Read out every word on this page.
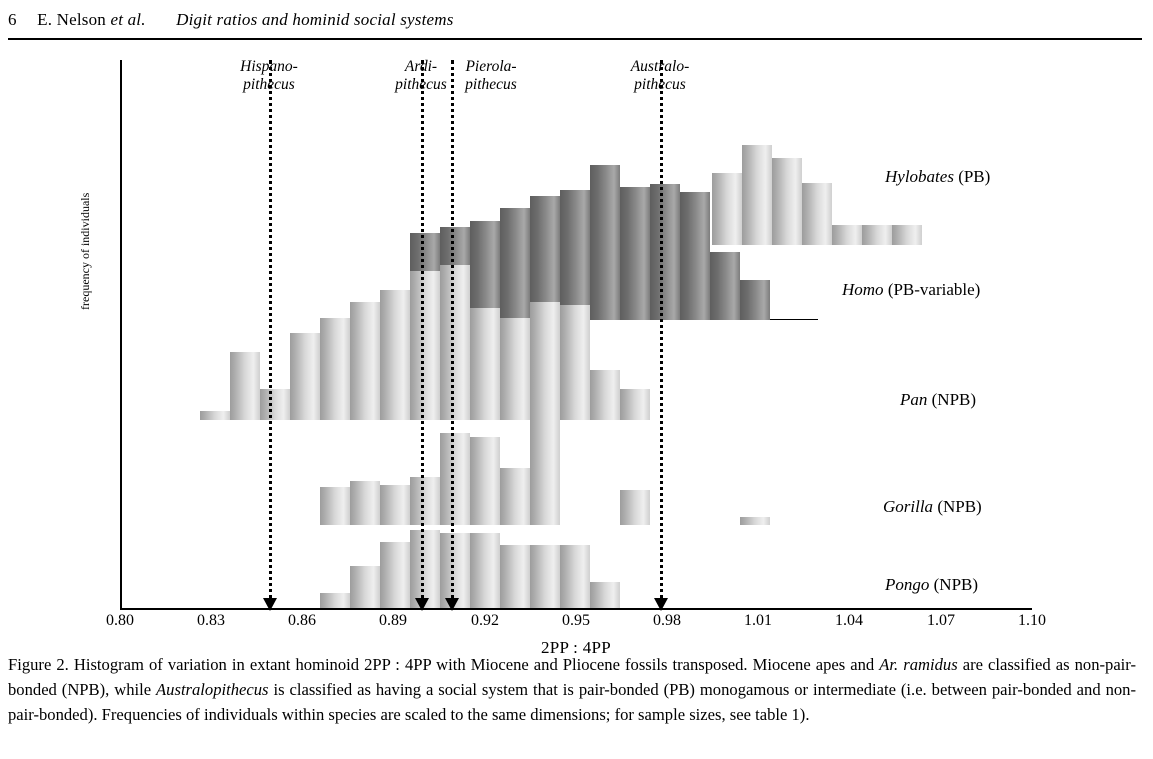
6 E. Nelson et al. Digit ratios and hominid social systems
frequency of individuals
2PP : 4PP
0.80	0.83	0.86	0.89	0.92	0.95	0.98	1.01	1.04	1.07	1.10
Hylobates (PB)
Homo (PB-variable)
Pan (NPB)
Gorilla (NPB)
Pongo (NPB)
Hispano-
pithecus
Ardi-
pithecus
Pierola-
pithecus
Australo-
pithecus
Figure 2. Histogram of variation in extant hominoid 2PP : 4PP with Miocene and Pliocene fossils transposed. Miocene apes and Ar. ramidus are classified as non-pair-bonded (NPB), while Australopithecus is classified as having a social system that is pair-bonded (PB) monogamous or intermediate (i.e. between pair-bonded and non-pair-bonded). Frequencies of individuals within species are scaled to the same dimensions; for sample sizes, see table 1).
